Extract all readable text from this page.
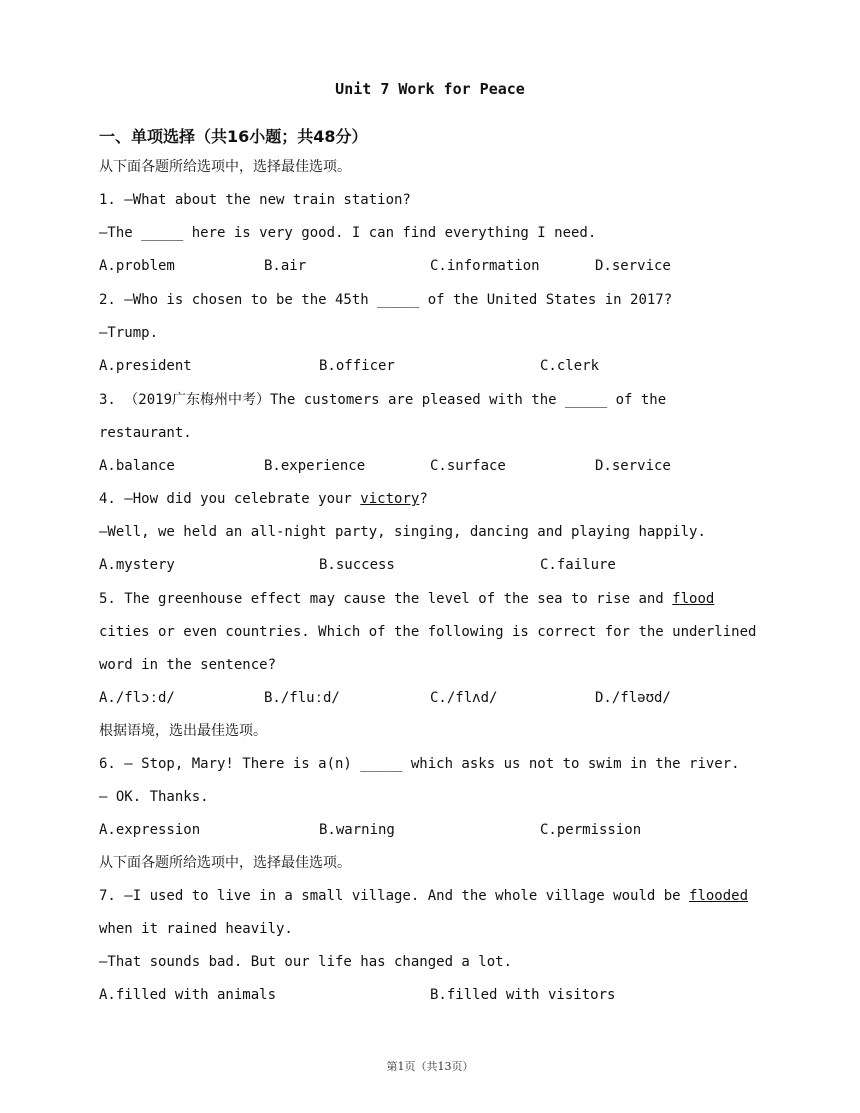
Unit 7 Work for Peace
一、单项选择（共16小题；共48分）
从下面各题所给选项中，选择最佳选项。
1. —What about the new train station?
—The _____ here is very good. I can find everything I need.
A.problem	B.air	C.information	D.service
2. —Who is chosen to be the 45th _____ of the United States in 2017?
—Trump.
A.president	B.officer	C.clerk
3. （2019广东梅州中考）The customers are pleased with the _____ of the
restaurant.
A.balance	B.experience	C.surface	D.service
4. —How did you celebrate your victory?
—Well, we held an all-night party, singing, dancing and playing happily.
A.mystery	B.success	C.failure
5. The greenhouse effect may cause the level of the sea to rise and flood
cities or even countries. Which of the following is correct for the underlined
word in the sentence?
A./flɔːd/	B./fluːd/	C./flʌd/	D./fləʊd/
根据语境，选出最佳选项。
6. — Stop, Mary! There is a(n) _____ which asks us not to swim in the river.
— OK. Thanks.
A.expression	B.warning	C.permission
从下面各题所给选项中，选择最佳选项。
7. —I used to live in a small village. And the whole village would be flooded
when it rained heavily.
—That sounds bad. But our life has changed a lot.
A.filled with animals	B.filled with visitors
第1页（共13页）
